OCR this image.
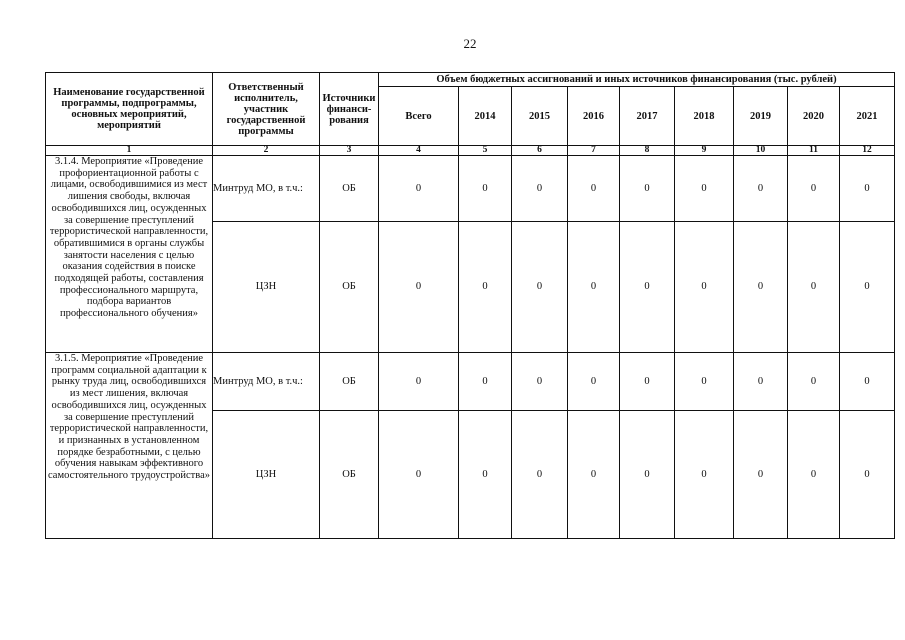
22
Наименование государственной программы, подпрограммы, основных мероприятий, мероприятий	Ответственный исполнитель, участник государственной программы	Источники финанси-рования	Объем бюджетных ассигнований и иных источников финансирования (тыс. рублей)								
			Всего	2014	2015	2016	2017	2018	2019	2020	2021
1	2	3	4	5	6	7	8	9	10	11	12
3.1.4. Мероприятие «Проведение профориентационной работы с лицами, освободившимися из мест лишения свободы, включая освободившихся лиц, осужденных за совершение преступлений террористической направленности, обратившимися в органы службы занятости населения с целью оказания содействия в поиске подходящей работы, составления профессионального маршрута, подбора вариантов профессионального обучения»	Минтруд МО, в т.ч.:	ОБ	0	0	0	0	0	0	0	0	0
	ЦЗН	ОБ	0	0	0	0	0	0	0	0	0
3.1.5. Мероприятие «Проведение программ социальной адаптации к рынку труда лиц, освободившихся из мест лишения, включая освободившихся лиц, осужденных за совершение преступлений террористической направленности, и признанных в установленном порядке безработными, с целью обучения навыкам эффективного самостоятельного трудоустройства»	Минтруд МО, в т.ч.:	ОБ	0	0	0	0	0	0	0	0	0
	ЦЗН	ОБ	0	0	0	0	0	0	0	0	0
